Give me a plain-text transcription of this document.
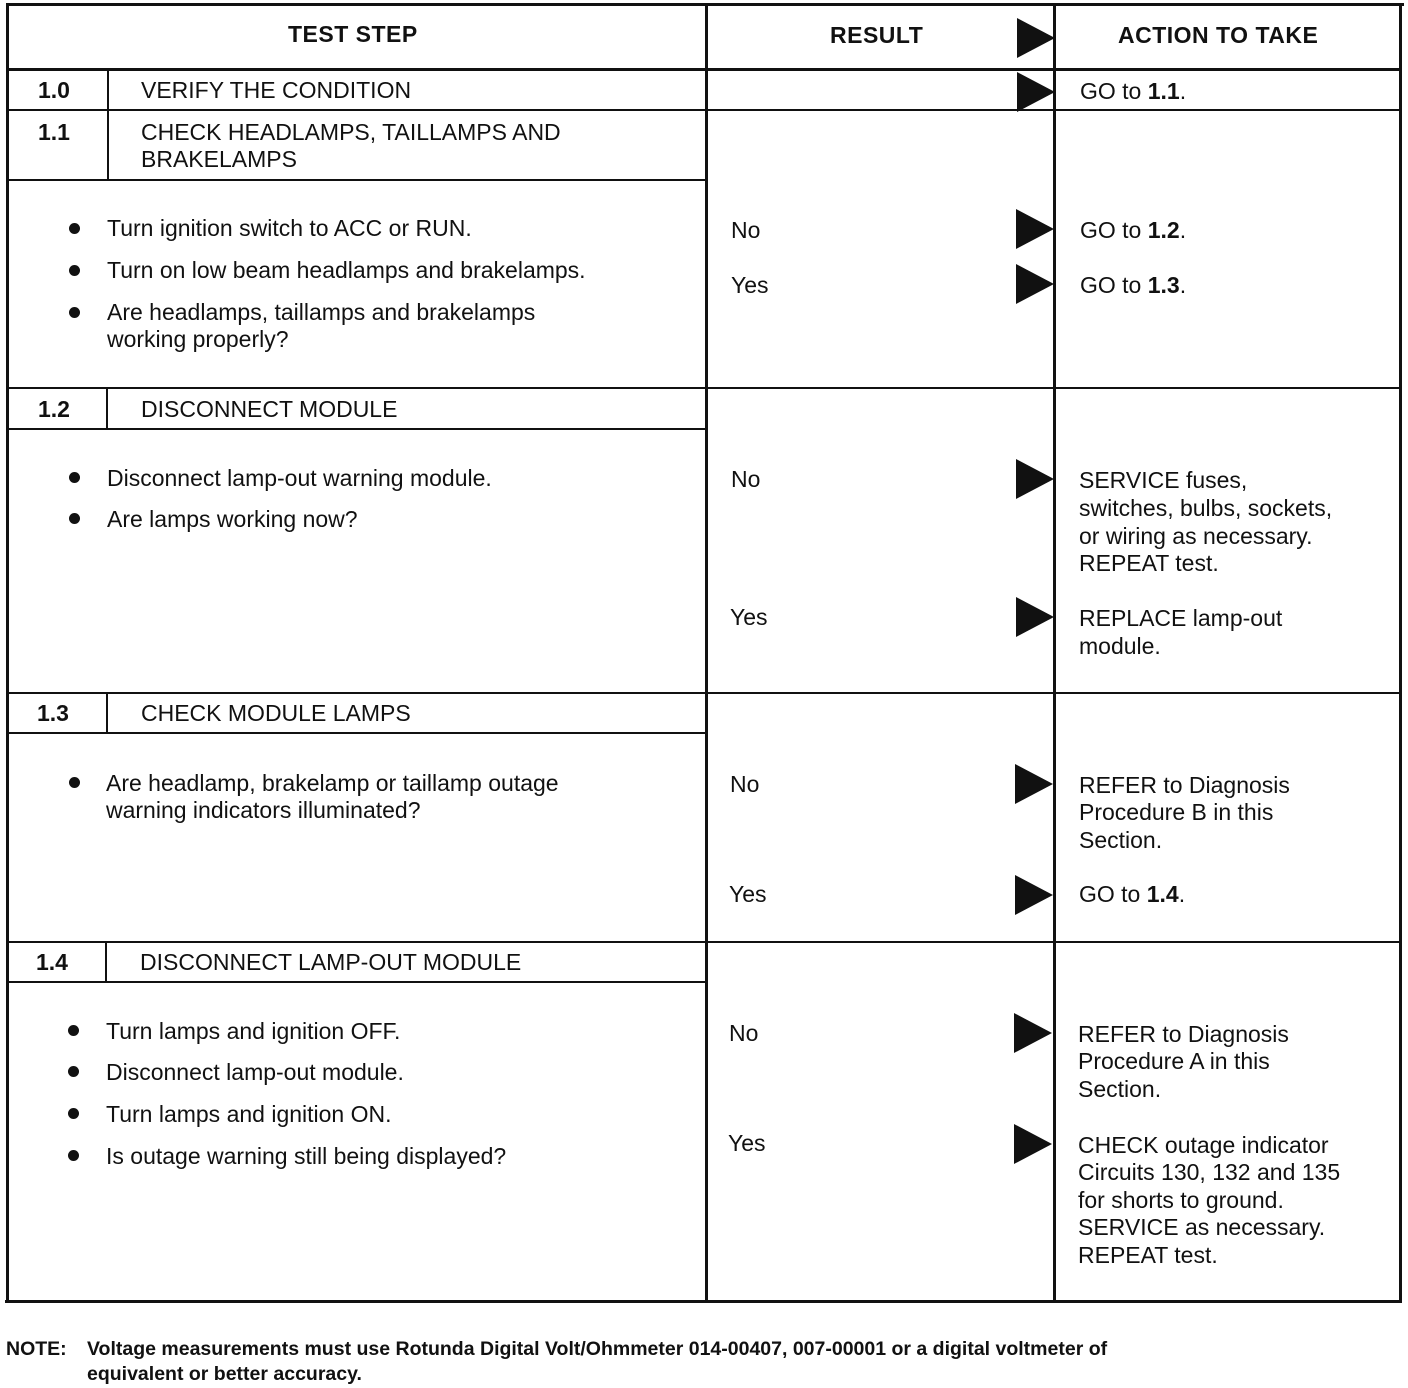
TEST STEP	RESULT	ACTION TO TAKE
1.0	VERIFY THE CONDITION	GO to 1.1.
1.1	CHECK HEADLAMPS, TAILLAMPS AND
BRAKELAMPS
Turn ignition switch to ACC or RUN.
Turn on low beam headlamps and brakelamps.
Are headlamps, taillamps and brakelamps
working properly?
No	GO to 1.2.
Yes	GO to 1.3.
1.2	DISCONNECT MODULE
Disconnect lamp-out warning module.
Are lamps working now?
No	SERVICE fuses,
switches, bulbs, sockets,
or wiring as necessary.
REPEAT test.
Yes	REPLACE lamp-out
module.
1.3	CHECK MODULE LAMPS
Are headlamp, brakelamp or taillamp outage
warning indicators illuminated?
No	REFER to Diagnosis
Procedure B in this
Section.
Yes	GO to 1.4.
1.4	DISCONNECT LAMP-OUT MODULE
Turn lamps and ignition OFF.
Disconnect lamp-out module.
Turn lamps and ignition ON.
Is outage warning still being displayed?
No	REFER to Diagnosis
Procedure A in this
Section.
Yes	CHECK outage indicator
Circuits 130, 132 and 135
for shorts to ground.
SERVICE as necessary.
REPEAT test.
NOTE: Voltage measurements must use Rotunda Digital Volt/Ohmmeter 014-00407, 007-00001 or a digital voltmeter of
equivalent or better accuracy.
